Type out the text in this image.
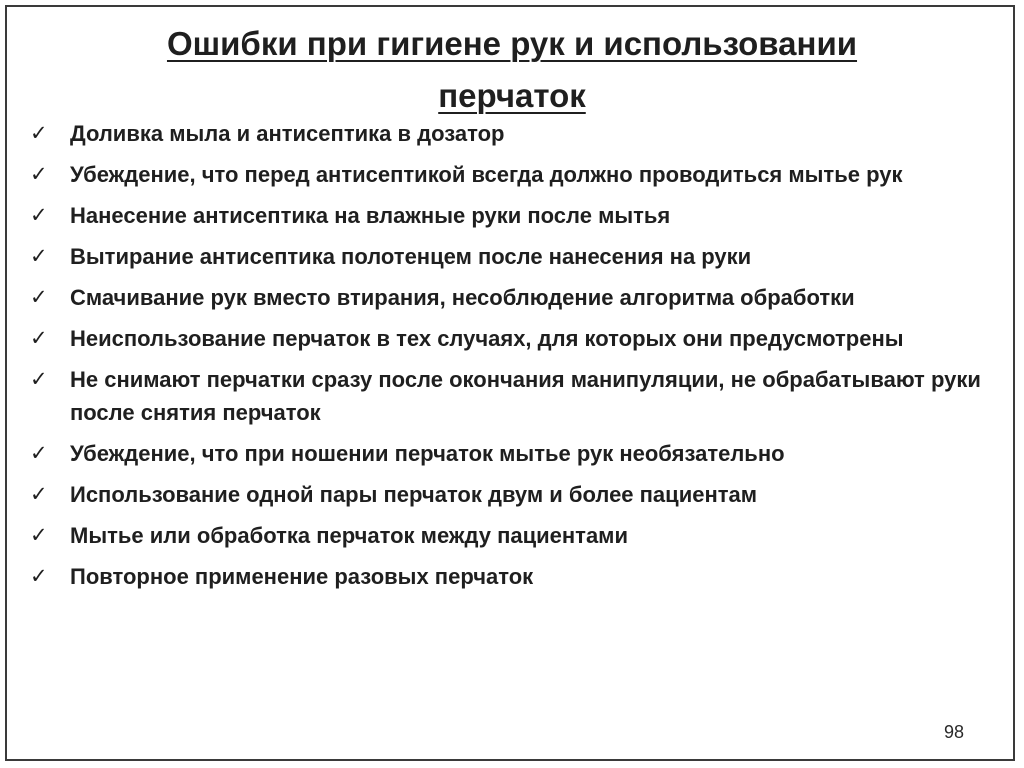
Ошибки при гигиене рук и использовании
перчаток
✓ Доливка мыла и антисептика в дозатор
✓ Убеждение, что перед антисептикой всегда должно проводиться мытье рук
✓ Нанесение антисептика на влажные руки после мытья
✓ Вытирание антисептика полотенцем после нанесения на руки
✓ Смачивание рук вместо втирания, несоблюдение алгоритма обработки
✓ Неиспользование перчаток в тех случаях, для которых они предусмотрены
✓ Не снимают перчатки сразу после окончания манипуляции, не обрабатывают руки после снятия перчаток
✓ Убеждение, что при ношении перчаток мытье рук необязательно
✓ Использование одной пары перчаток двум и более пациентам
✓ Мытье или обработка перчаток между пациентами
✓ Повторное применение разовых перчаток
98
